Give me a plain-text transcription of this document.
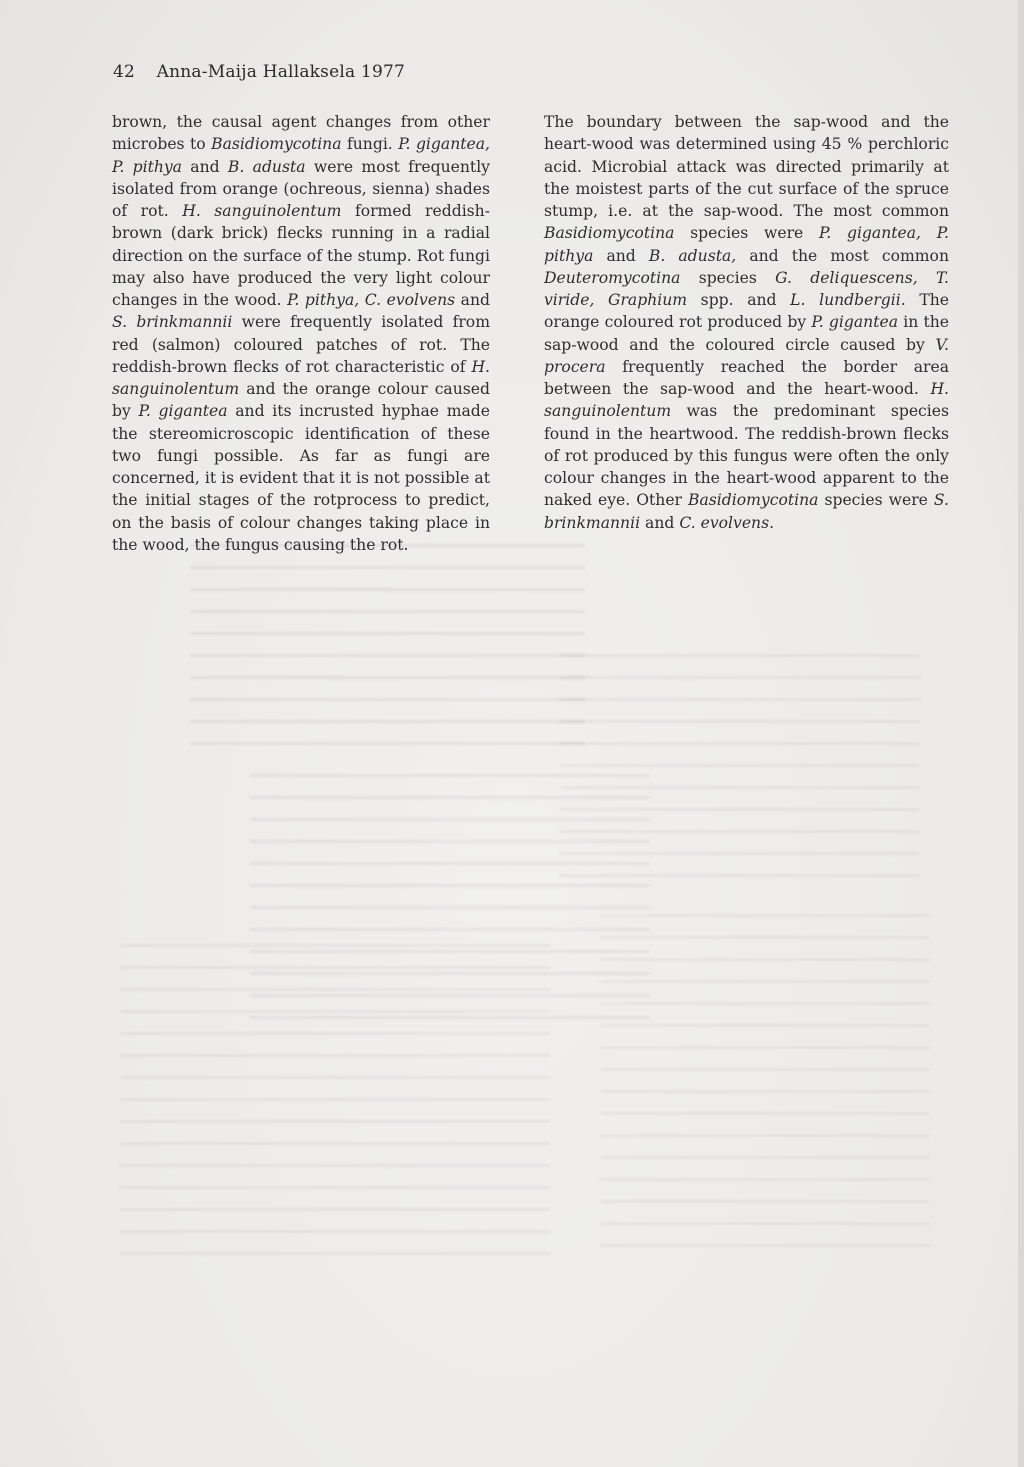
42 Anna-Maija Hallaksela 1977

brown, the causal agent changes from other microbes to Basidiomycotina fungi. P. gigantea, P. pithya and B. adusta were most frequently isolated from orange (ochreous, sienna) shades of rot. H. sanguinolentum formed reddish-brown (dark brick) flecks running in a radial direction on the surface of the stump. Rot fungi may also have produced the very light colour changes in the wood. P. pithya, C. evolvens and S. brinkmannii were frequently isolated from red (salmon) coloured patches of rot. The reddish-brown flecks of rot characteristic of H. sanguinolentum and the orange colour caused by P. gigantea and its incrusted hyphae made the stereomicroscopic identification of these two fungi possible. As far as fungi are concerned, it is evident that it is not possible at the initial stages of the rotprocess to predict, on the basis of colour changes taking place in the wood, the fungus causing the rot.

The boundary between the sap-wood and the heart-wood was determined using 45 % perchloric acid. Microbial attack was directed primarily at the moistest parts of the cut surface of the spruce stump, i.e. at the sap-wood. The most common Basidiomycotina species were P. gigantea, P. pithya and B. adusta, and the most common Deuteromycotina species G. deliquescens, T. viride, Graphium spp. and L. lundbergii. The orange coloured rot produced by P. gigantea in the sap-wood and the coloured circle caused by V. procera frequently reached the border area between the sap-wood and the heart-wood. H. sanguinolentum was the predominant species found in the heartwood. The reddish-brown flecks of rot produced by this fungus were often the only colour changes in the heart-wood apparent to the naked eye. Other Basidiomycotina species were S. brinkmannii and C. evolvens.
